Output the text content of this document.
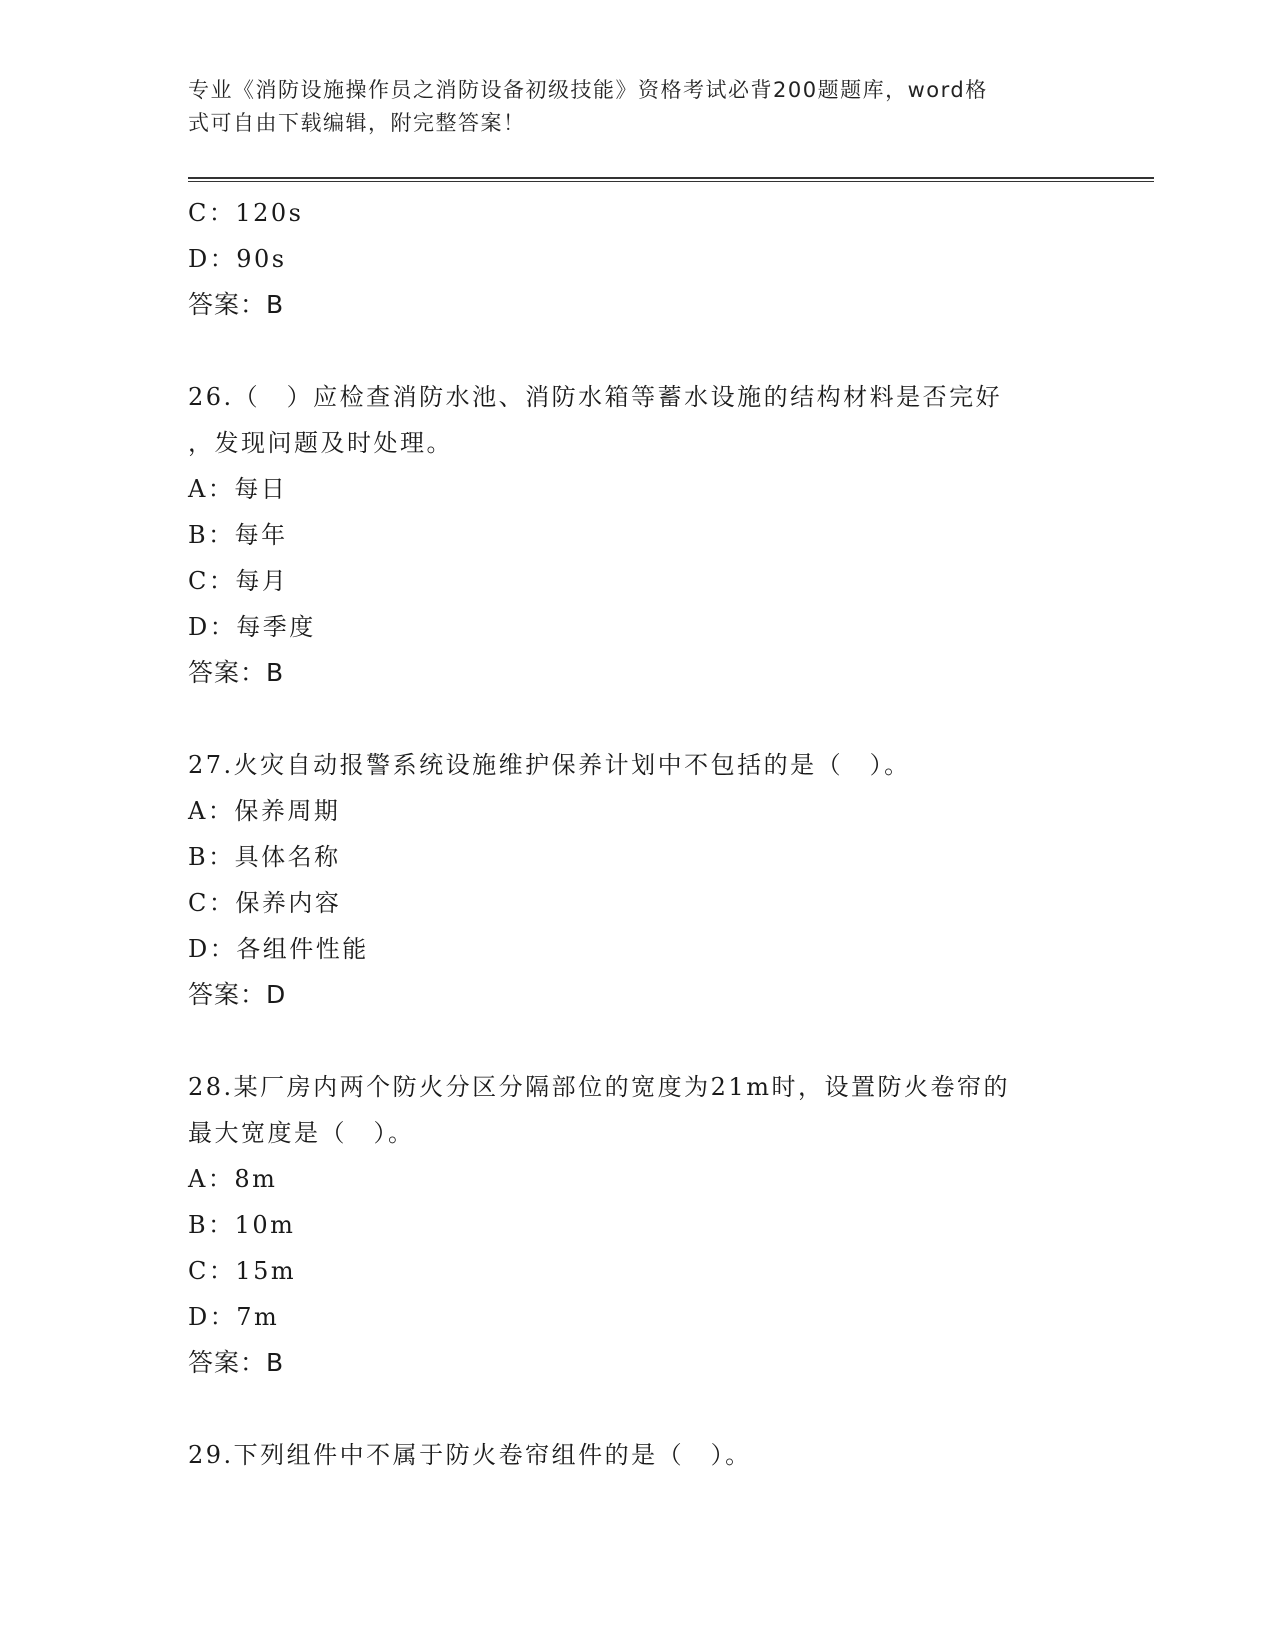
专业《消防设施操作员之消防设备初级技能》资格考试必背200题题库，word格
式可自由下载编辑，附完整答案！
C：120s
D：90s
答案：B
26.（　）应检查消防水池、消防水箱等蓄水设施的结构材料是否完好
，发现问题及时处理。
A：每日
B：每年
C：每月
D：每季度
答案：B
27.火灾自动报警系统设施维护保养计划中不包括的是（　）。
A：保养周期
B：具体名称
C：保养内容
D：各组件性能
答案：D
28.某厂房内两个防火分区分隔部位的宽度为21m时，设置防火卷帘的
最大宽度是（　）。
A：8m
B：10m
C：15m
D：7m
答案：B
29.下列组件中不属于防火卷帘组件的是（　）。
